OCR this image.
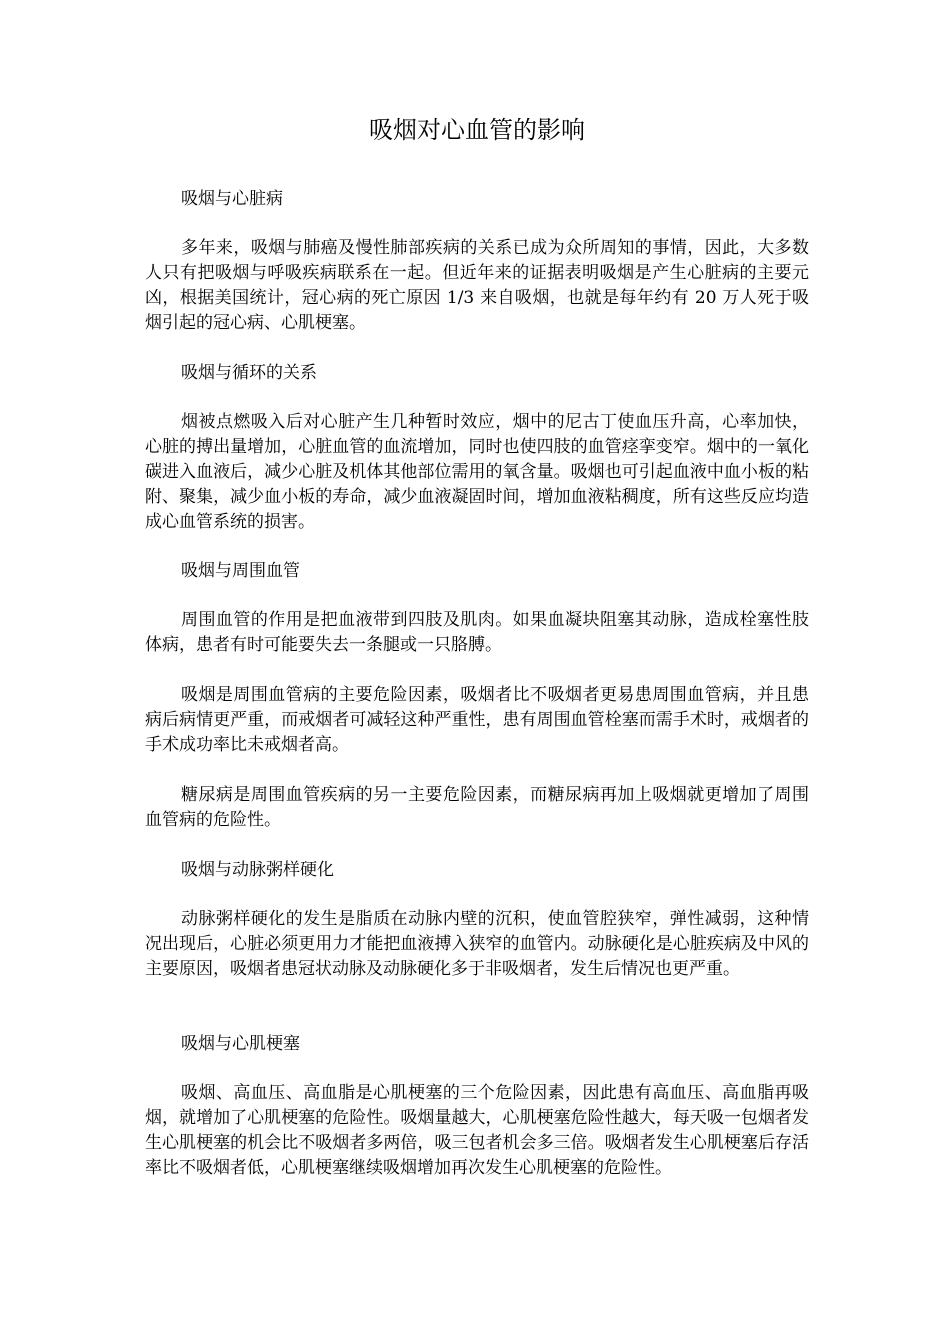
吸烟对心血管的影响

吸烟与心脏病

多年来，吸烟与肺癌及慢性肺部疾病的关系已成为众所周知的事情，因此，大多数人只有把吸烟与呼吸疾病联系在一起。但近年来的证据表明吸烟是产生心脏病的主要元凶，根据美国统计，冠心病的死亡原因 1/3 来自吸烟，也就是每年约有 20 万人死于吸烟引起的冠心病、心肌梗塞。

吸烟与循环的关系

烟被点燃吸入后对心脏产生几种暂时效应，烟中的尼古丁使血压升高，心率加快，心脏的搏出量增加，心脏血管的血流增加，同时也使四肢的血管痉挛变窄。烟中的一氧化碳进入血液后，减少心脏及机体其他部位需用的氧含量。吸烟也可引起血液中血小板的粘附、聚集，减少血小板的寿命，减少血液凝固时间，增加血液粘稠度，所有这些反应均造成心血管系统的损害。

吸烟与周围血管

周围血管的作用是把血液带到四肢及肌肉。如果血凝块阻塞其动脉，造成栓塞性肢体病，患者有时可能要失去一条腿或一只胳膊。

吸烟是周围血管病的主要危险因素，吸烟者比不吸烟者更易患周围血管病，并且患病后病情更严重，而戒烟者可减轻这种严重性，患有周围血管栓塞而需手术时，戒烟者的手术成功率比未戒烟者高。

糖尿病是周围血管疾病的另一主要危险因素，而糖尿病再加上吸烟就更增加了周围血管病的危险性。

吸烟与动脉粥样硬化

动脉粥样硬化的发生是脂质在动脉内壁的沉积，使血管腔狭窄，弹性减弱，这种情况出现后，心脏必须更用力才能把血液搏入狭窄的血管内。动脉硬化是心脏疾病及中风的主要原因，吸烟者患冠状动脉及动脉硬化多于非吸烟者，发生后情况也更严重。

吸烟与心肌梗塞

吸烟、高血压、高血脂是心肌梗塞的三个危险因素，因此患有高血压、高血脂再吸烟，就增加了心肌梗塞的危险性。吸烟量越大，心肌梗塞危险性越大，每天吸一包烟者发生心肌梗塞的机会比不吸烟者多两倍，吸三包者机会多三倍。吸烟者发生心肌梗塞后存活率比不吸烟者低，心肌梗塞继续吸烟增加再次发生心肌梗塞的危险性。
